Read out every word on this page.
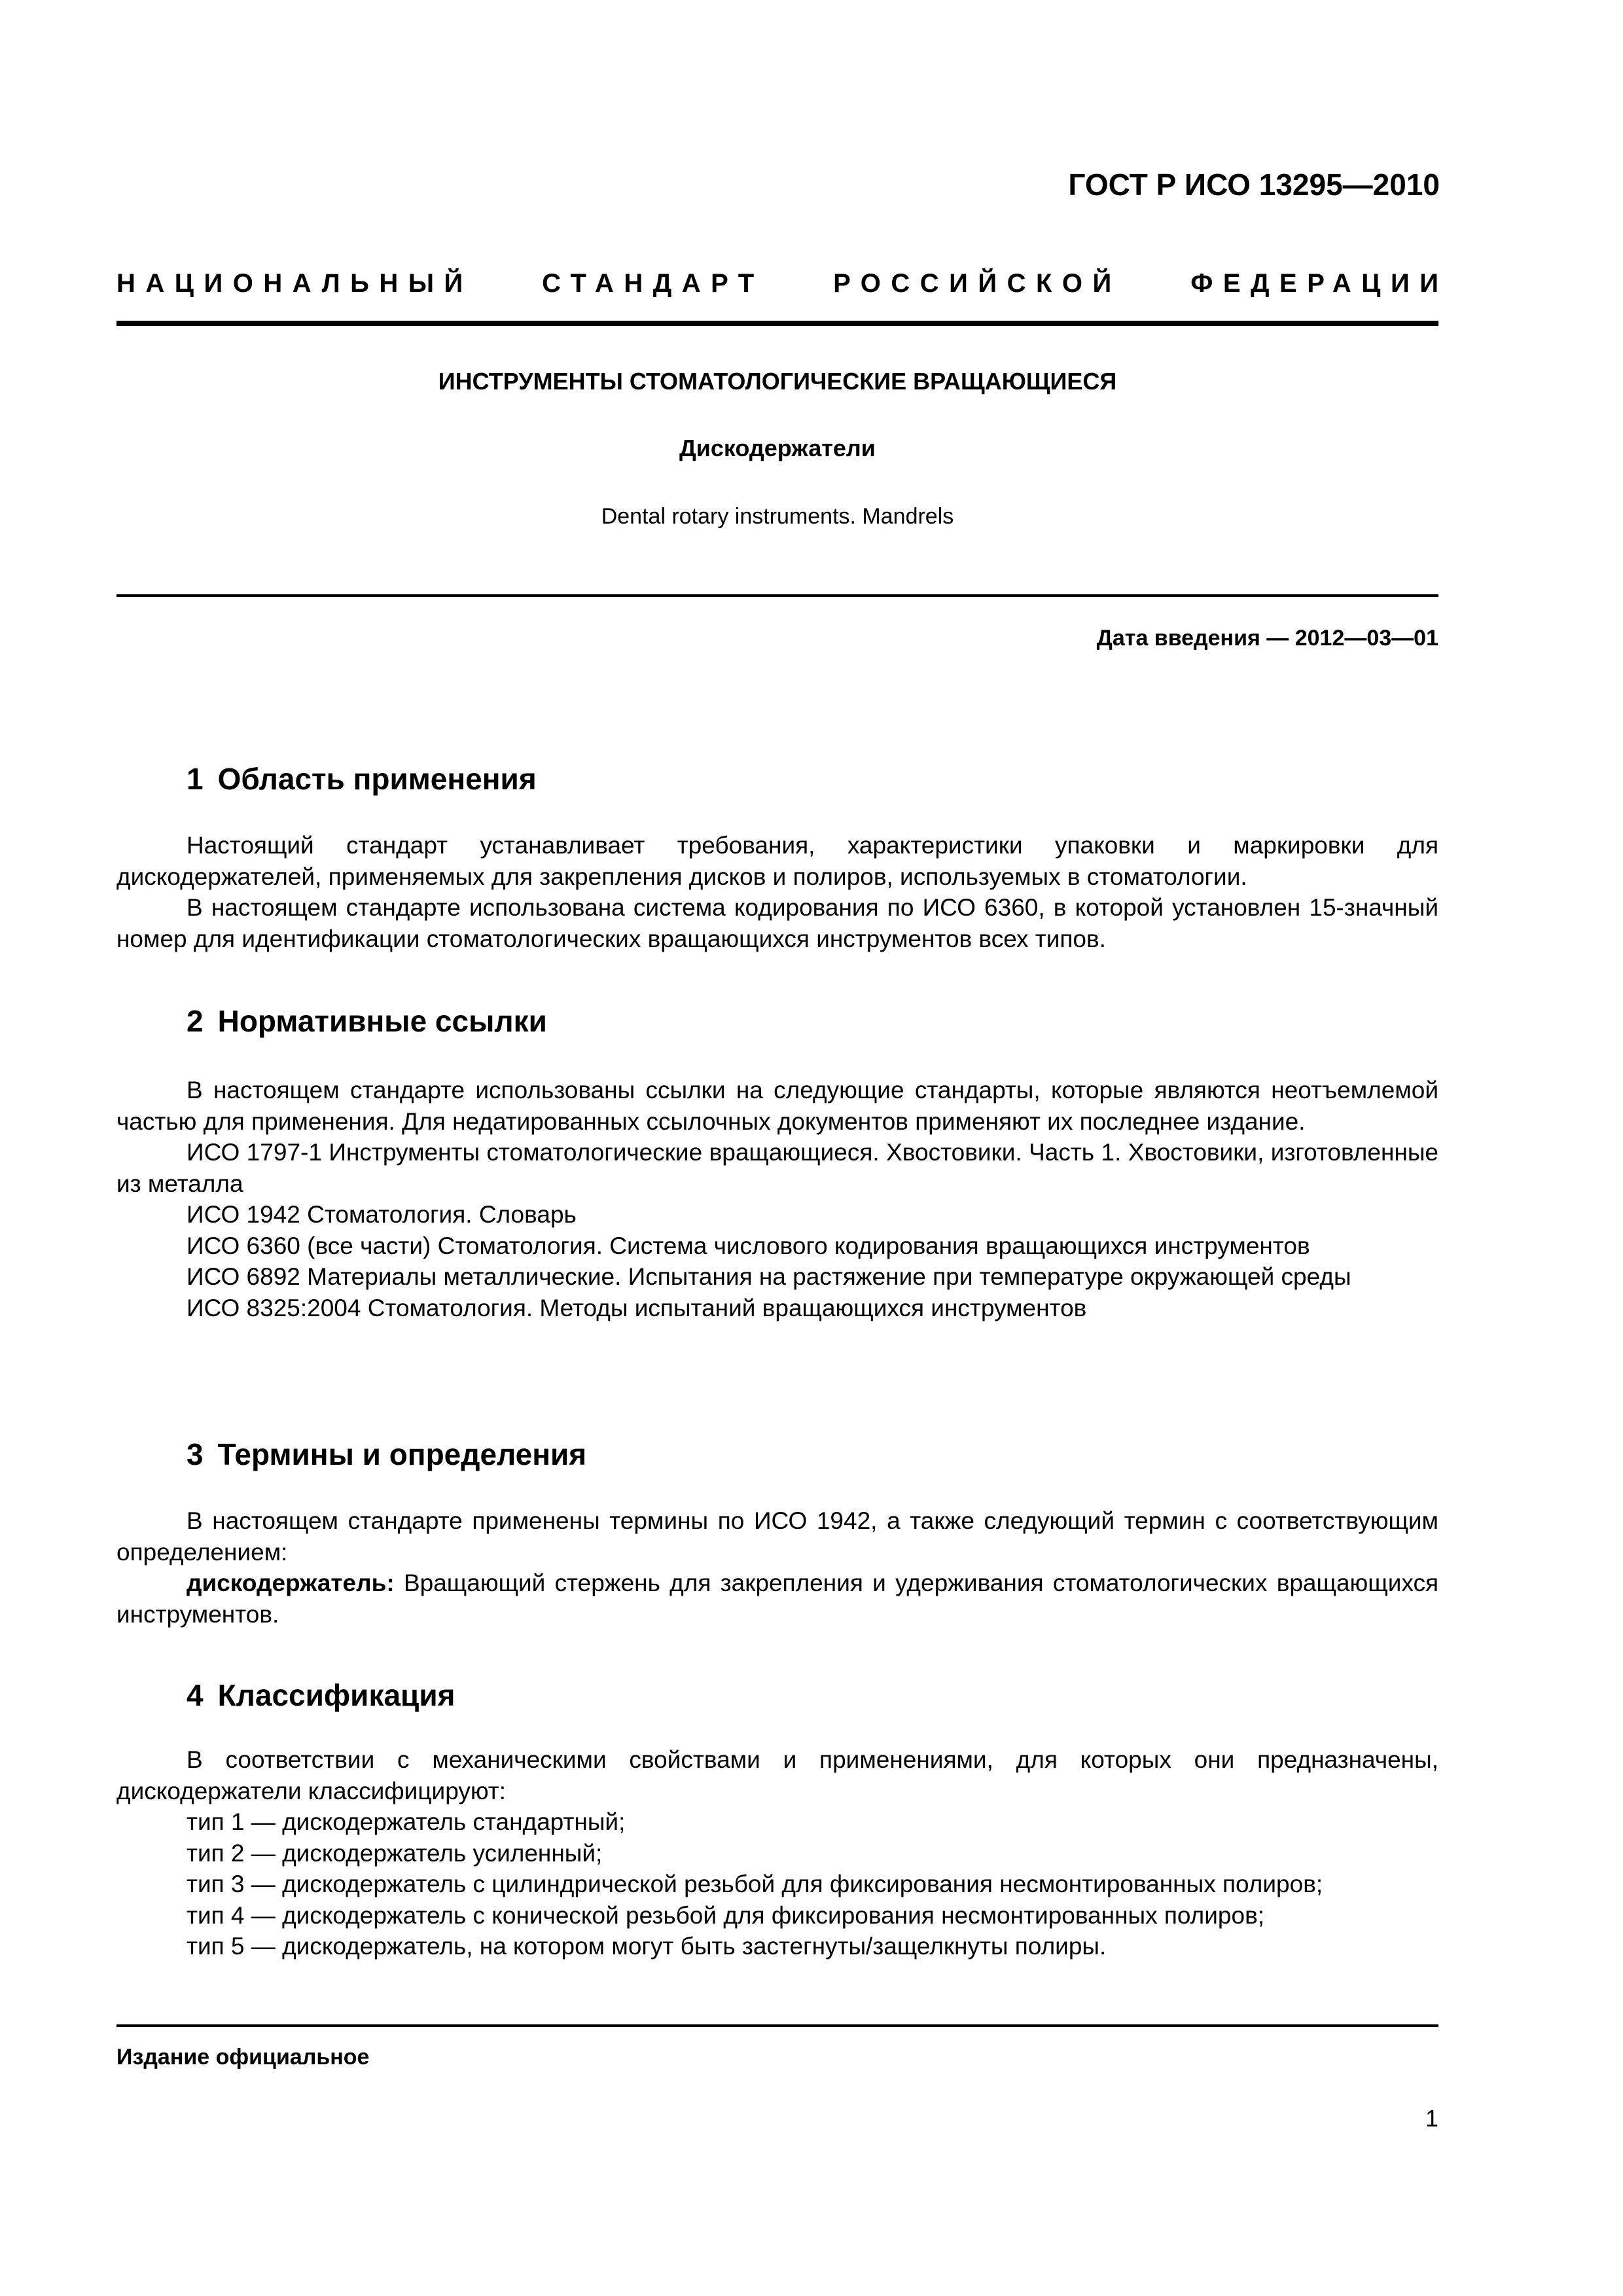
ГОСТ Р ИСО 13295—2010
НАЦИОНАЛЬНЫЙ	СТАНДАРТ	РОССИЙСКОЙ	ФЕДЕРАЦИИ
ИНСТРУМЕНТЫ СТОМАТОЛОГИЧЕСКИЕ ВРАЩАЮЩИЕСЯ
Дискодержатели
Dental rotary instruments. Mandrels
Дата введения — 2012—03—01
1 Область применения

Настоящий стандарт устанавливает требования, характеристики упаковки и маркировки для дискодержателей, применяемых для закрепления дисков и полиров, используемых в стоматологии.

В настоящем стандарте использована система кодирования по ИСО 6360, в которой установлен 15-значный номер для идентификации стоматологических вращающихся инструментов всех типов.

2 Нормативные ссылки

В настоящем стандарте использованы ссылки на следующие стандарты, которые являются неотъемлемой частью для применения. Для недатированных ссылочных документов применяют их последнее издание.

ИСО 1797-1 Инструменты стоматологические вращающиеся. Хвостовики. Часть 1. Хвостовики, изготовленные из металла

ИСО 1942 Стоматология. Словарь

ИСО 6360 (все части) Стоматология. Система числового кодирования вращающихся инструментов

ИСО 6892 Материалы металлические. Испытания на растяжение при температуре окружающей среды

ИСО 8325:2004 Стоматология. Методы испытаний вращающихся инструментов

3 Термины и определения

В настоящем стандарте применены термины по ИСО 1942, а также следующий термин с соответствующим определением:

дискодержатель: Вращающий стержень для закрепления и удерживания стоматологических вращающихся инструментов.

4 Классификация

В соответствии с механическими свойствами и применениями, для которых они предназначены, дискодержатели классифицируют:

тип 1 — дискодержатель стандартный;

тип 2 — дискодержатель усиленный;

тип 3 — дискодержатель с цилиндрической резьбой для фиксирования несмонтированных полиров;

тип 4 — дискодержатель с конической резьбой для фиксирования несмонтированных полиров;

тип 5 — дискодержатель, на котором могут быть застегнуты/защелкнуты полиры.

Издание официальное
1
